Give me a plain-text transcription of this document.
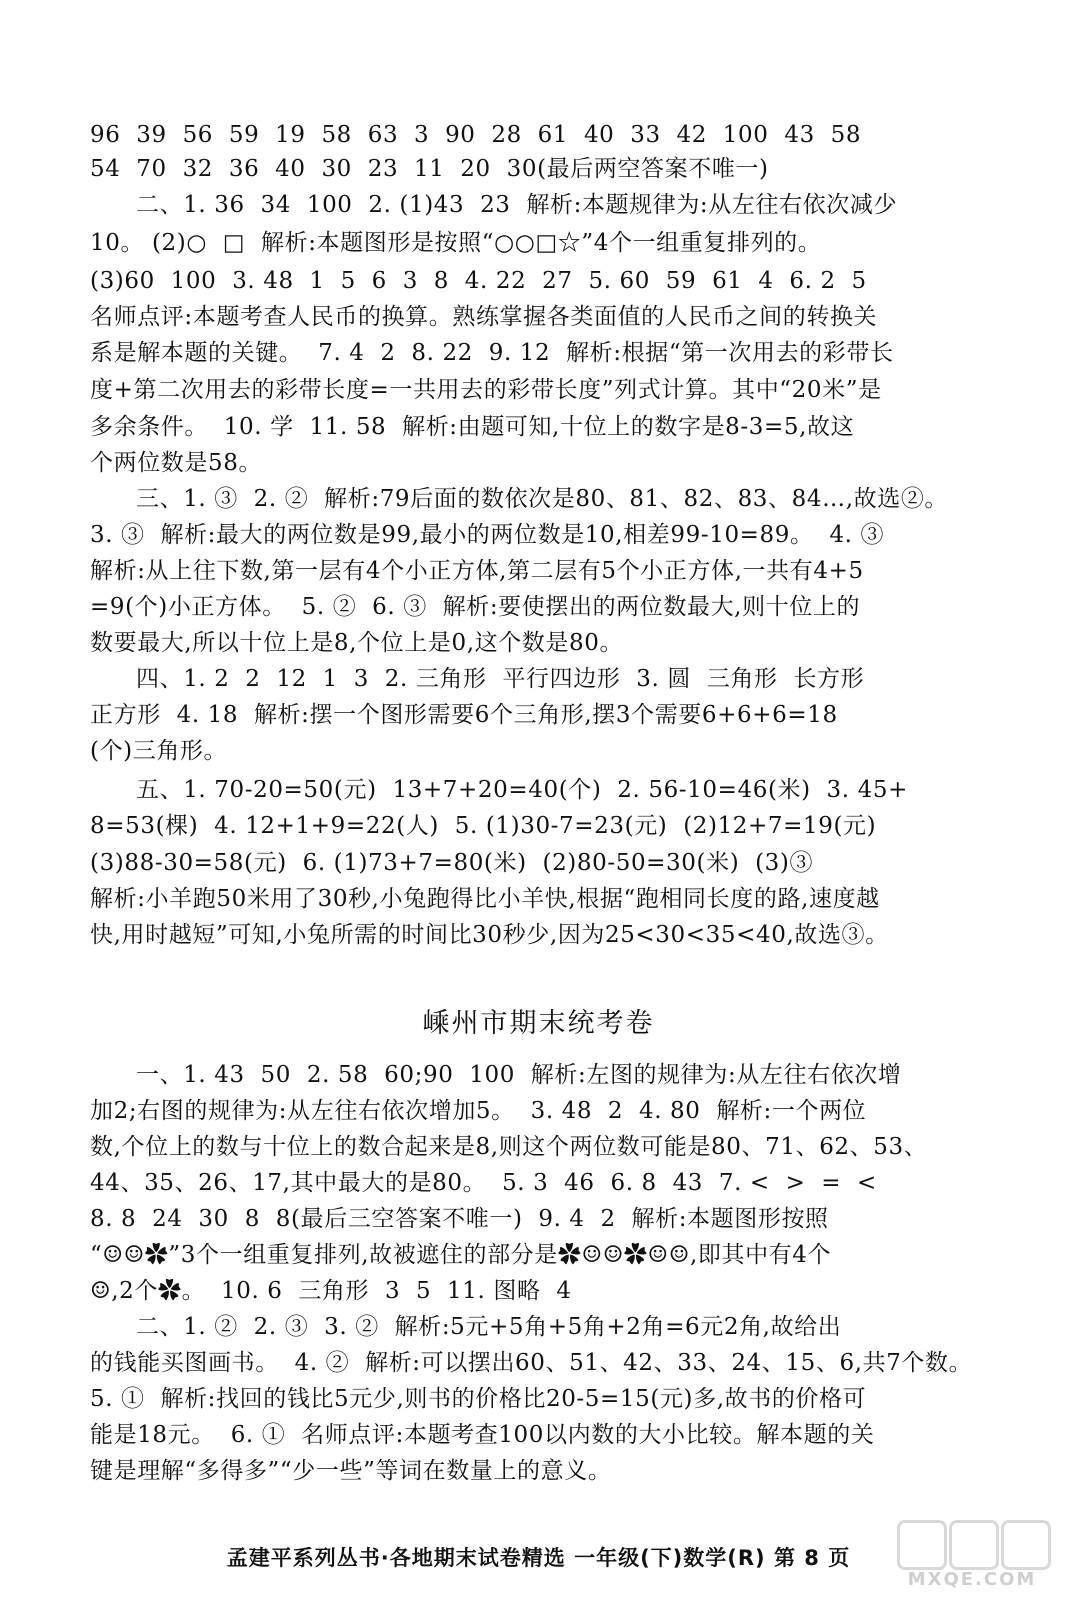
96  39  56  59  19  58  63  3  90  28  61  40  33  42  100  43  58
54  70  32  36  40  30  23  11  20  30(最后两空答案不唯一)
二、1. 36  34  100  2. (1)43  23  解析:本题规律为:从左往右依次减少
10。 (2)○  □  解析:本题图形是按照“○○□☆”4个一组重复排列的。
(3)60  100  3. 48  1  5  6  3  8  4. 22  27  5. 60  59  61  4  6. 2  5
名师点评:本题考查人民币的换算。熟练掌握各类面值的人民币之间的转换关
系是解本题的关键。  7. 4  2  8. 22  9. 12  解析:根据“第一次用去的彩带长
度+第二次用去的彩带长度=一共用去的彩带长度”列式计算。其中“20米”是
多余条件。  10. 学  11. 58  解析:由题可知,十位上的数字是8-3=5,故这
个两位数是58。
三、1. ③  2. ②  解析:79后面的数依次是80、81、82、83、84…,故选②。
3. ③  解析:最大的两位数是99,最小的两位数是10,相差99-10=89。  4. ③
解析:从上往下数,第一层有4个小正方体,第二层有5个小正方体,一共有4+5
=9(个)小正方体。  5. ②  6. ③  解析:要使摆出的两位数最大,则十位上的
数要最大,所以十位上是8,个位上是0,这个数是80。
四、1. 2  2  12  1  3  2. 三角形  平行四边形  3. 圆  三角形  长方形
正方形  4. 18  解析:摆一个图形需要6个三角形,摆3个需要6+6+6=18
(个)三角形。
五、1. 70-20=50(元)  13+7+20=40(个)  2. 56-10=46(米)  3. 45+
8=53(棵)  4. 12+1+9=22(人)  5. (1)30-7=23(元)  (2)12+7=19(元)
(3)88-30=58(元)  6. (1)73+7=80(米)  (2)80-50=30(米)  (3)③
解析:小羊跑50米用了30秒,小兔跑得比小羊快,根据“跑相同长度的路,速度越
快,用时越短”可知,小兔所需的时间比30秒少,因为25<30<35<40,故选③。
嵊州市期末统考卷
一、1. 43  50  2. 58  60;90  100  解析:左图的规律为:从左往右依次增
加2;右图的规律为:从左往右依次增加5。  3. 48  2  4. 80  解析:一个两位
数,个位上的数与十位上的数合起来是8,则这个两位数可能是80、71、62、53、
44、35、26、17,其中最大的是80。  5. 3  46  6. 8  43  7. <  >  =  <
8. 8  24  30  8  8(最后三空答案不唯一)  9. 4  2  解析:本题图形按照
“☺☺✿”3个一组重复排列,故被遮住的部分是✿☺☺✿☺☺,即其中有4个
☺,2个✿。  10. 6  三角形  3  5  11. 图略  4
二、1. ②  2. ③  3. ②  解析:5元+5角+5角+2角=6元2角,故给出
的钱能买图画书。  4. ②  解析:可以摆出60、51、42、33、24、15、6,共7个数。
5. ①  解析:找回的钱比5元少,则书的价格比20-5=15(元)多,故书的价格可
能是18元。  6. ①  名师点评:本题考查100以内数的大小比较。解本题的关
键是理解“多得多”“少一些”等词在数量上的意义。
孟建平系列丛书·各地期末试卷精选 一年级(下)数学(R) 第 8 页
MXQE.COM
